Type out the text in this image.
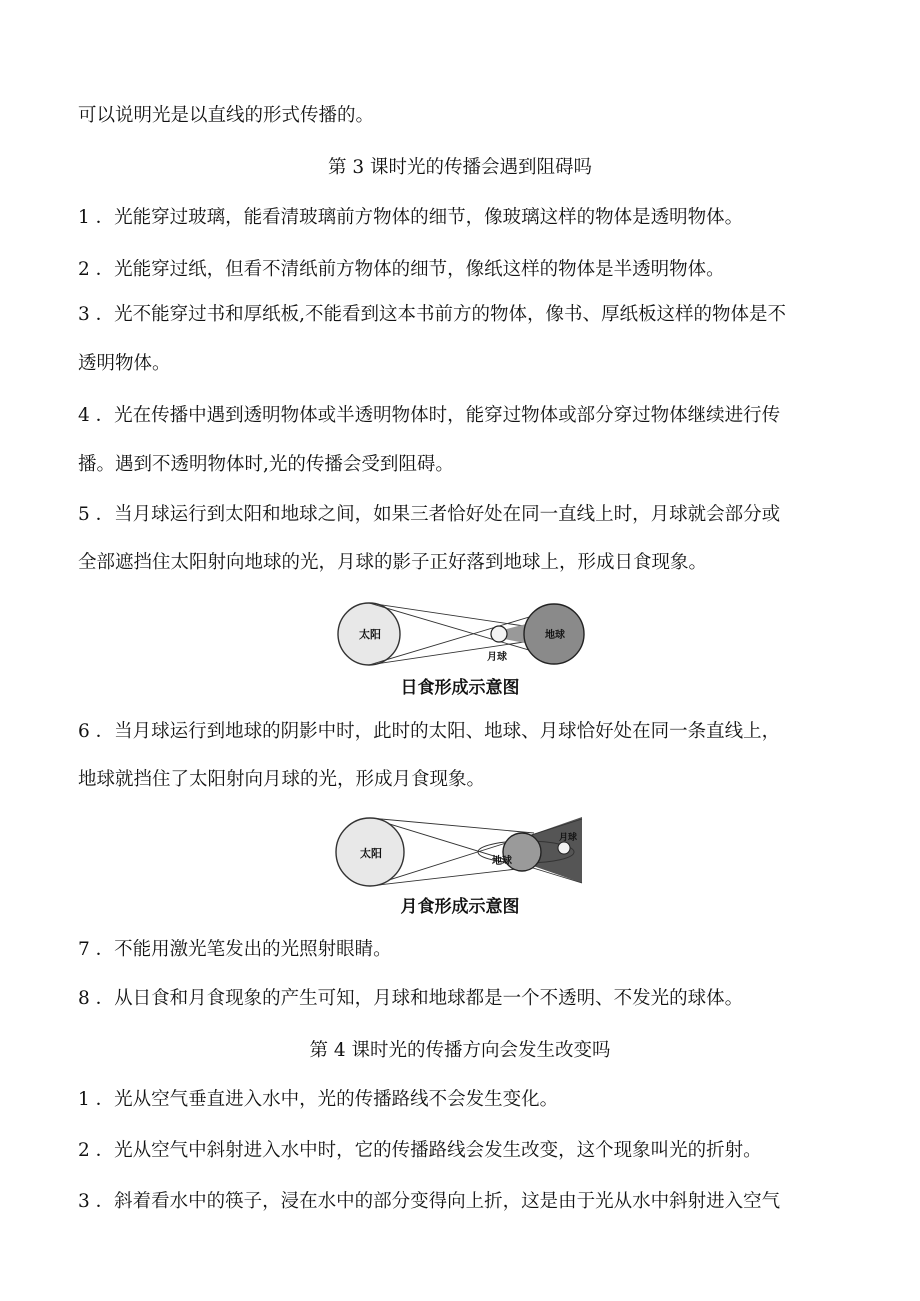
可以说明光是以直线的形式传播的。
第 3 课时光的传播会遇到阻碍吗
1 ．光能穿过玻璃，能看清玻璃前方物体的细节，像玻璃这样的物体是透明物体。
2 ．光能穿过纸，但看不清纸前方物体的细节，像纸这样的物体是半透明物体。
3 ．光不能穿过书和厚纸板,不能看到这本书前方的物体，像书、厚纸板这样的物体是不
透明物体。
4 ．光在传播中遇到透明物体或半透明物体时，能穿过物体或部分穿过物体继续进行传
播。遇到不透明物体时,光的传播会受到阻碍。
5 ．当月球运行到太阳和地球之间，如果三者恰好处在同一直线上时，月球就会部分或
全部遮挡住太阳射向地球的光，月球的影子正好落到地球上，形成日食现象。
太阳
月球
地球
日食形成示意图
6 ．当月球运行到地球的阴影中时，此时的太阳、地球、月球恰好处在同一条直线上，
地球就挡住了太阳射向月球的光，形成月食现象。
太阳
地球
月球
月食形成示意图
7 ．不能用激光笔发出的光照射眼睛。
8 ．从日食和月食现象的产生可知，月球和地球都是一个不透明、不发光的球体。
第 4 课时光的传播方向会发生改变吗
1 ．光从空气垂直进入水中，光的传播路线不会发生变化。
2 ．光从空气中斜射进入水中时，它的传播路线会发生改变，这个现象叫光的折射。
3 ．斜着看水中的筷子，浸在水中的部分变得向上折，这是由于光从水中斜射进入空气
